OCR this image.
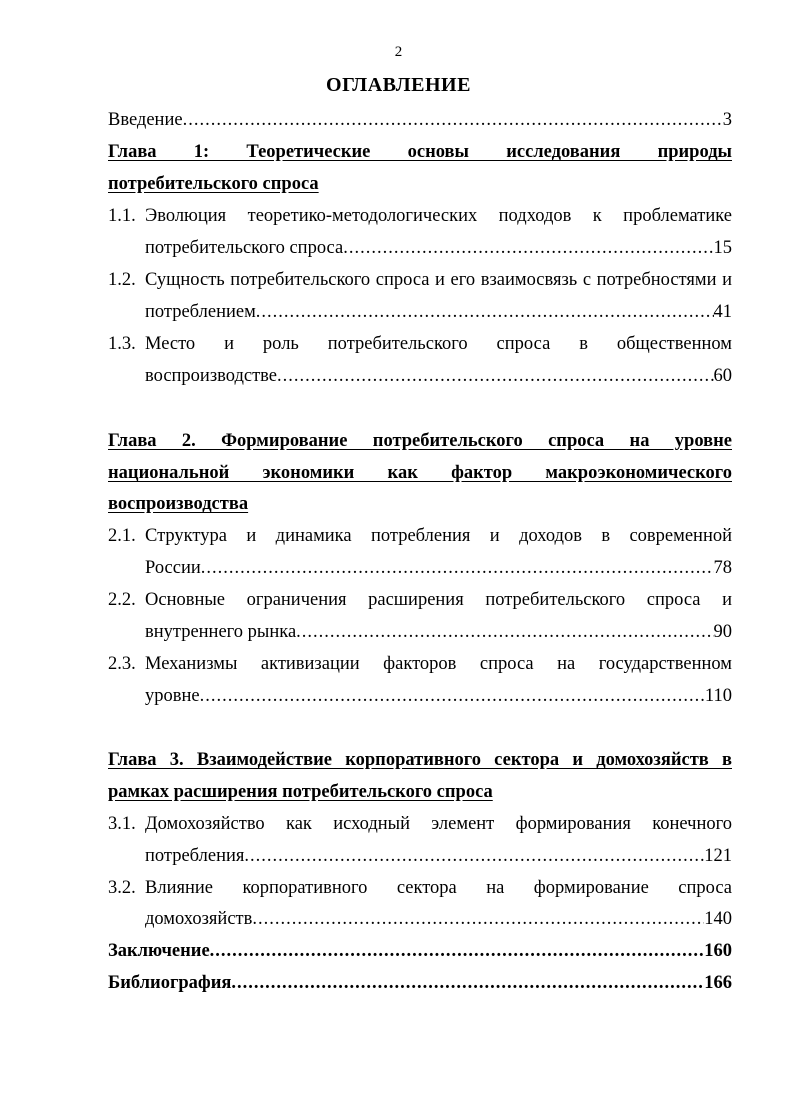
2
ОГЛАВЛЕНИЕ
Введение .....	3
Глава 1: Теоретические основы исследования природы
потребительского спроса
1.1. Эволюция теоретико-методологических подходов к проблематике
потребительского спроса .....	15
1.2. Сущность потребительского спроса и его взаимосвязь с потребностями и
потреблением .....	41
1.3. Место и роль потребительского спроса в общественном
воспроизводстве .....	60
Глава 2. Формирование потребительского спроса на уровне
национальной экономики как фактор макроэкономического
воспроизводства
2.1. Структура и динамика потребления и доходов в современной
России .....	78
2.2. Основные ограничения расширения потребительского спроса и
внутреннего рынка .....	90
2.3. Механизмы активизации факторов спроса на государственном
уровне .....	110
Глава 3. Взаимодействие корпоративного сектора и домохозяйств в
рамках расширения потребительского спроса
3.1. Домохозяйство как исходный элемент формирования конечного
потребления .....	121
3.2. Влияние корпоративного сектора на формирование спроса
домохозяйств .....	140
Заключение .....	160
Библиография .....	166
